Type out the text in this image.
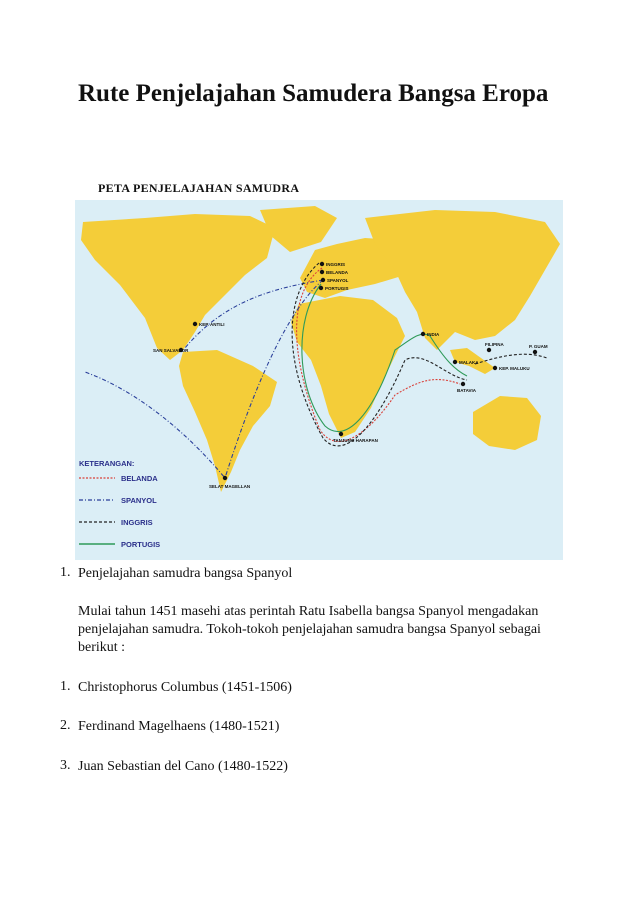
Rute Penjelajahan Samudera Bangsa Eropa

PETA PENJELAJAHAN SAMUDRA

INGGRIS
BELANDA
SPANYOL
PORTUGIS
INDIA
MALAKA
BATAVIA
FILIPINA
KEP. MALUKU
P. GUAM
TANJUNG HARAPAN
KEP. ANTILI
SAN SALVADOR
SELAT MAGELLAN
KETERANGAN:
BELANDA
SPANYOL
INGGRIS
PORTUGIS
1. Penjelajahan samudra bangsa Spanyol

Mulai tahun 1451 masehi atas perintah Ratu Isabella bangsa Spanyol mengadakan penjelajahan samudra. Tokoh-tokoh penjelajahan samudra bangsa Spanyol sebagai berikut :

1. Christophorus Columbus (1451-1506)

2. Ferdinand Magelhaens (1480-1521)

3. Juan Sebastian del Cano (1480-1522)
